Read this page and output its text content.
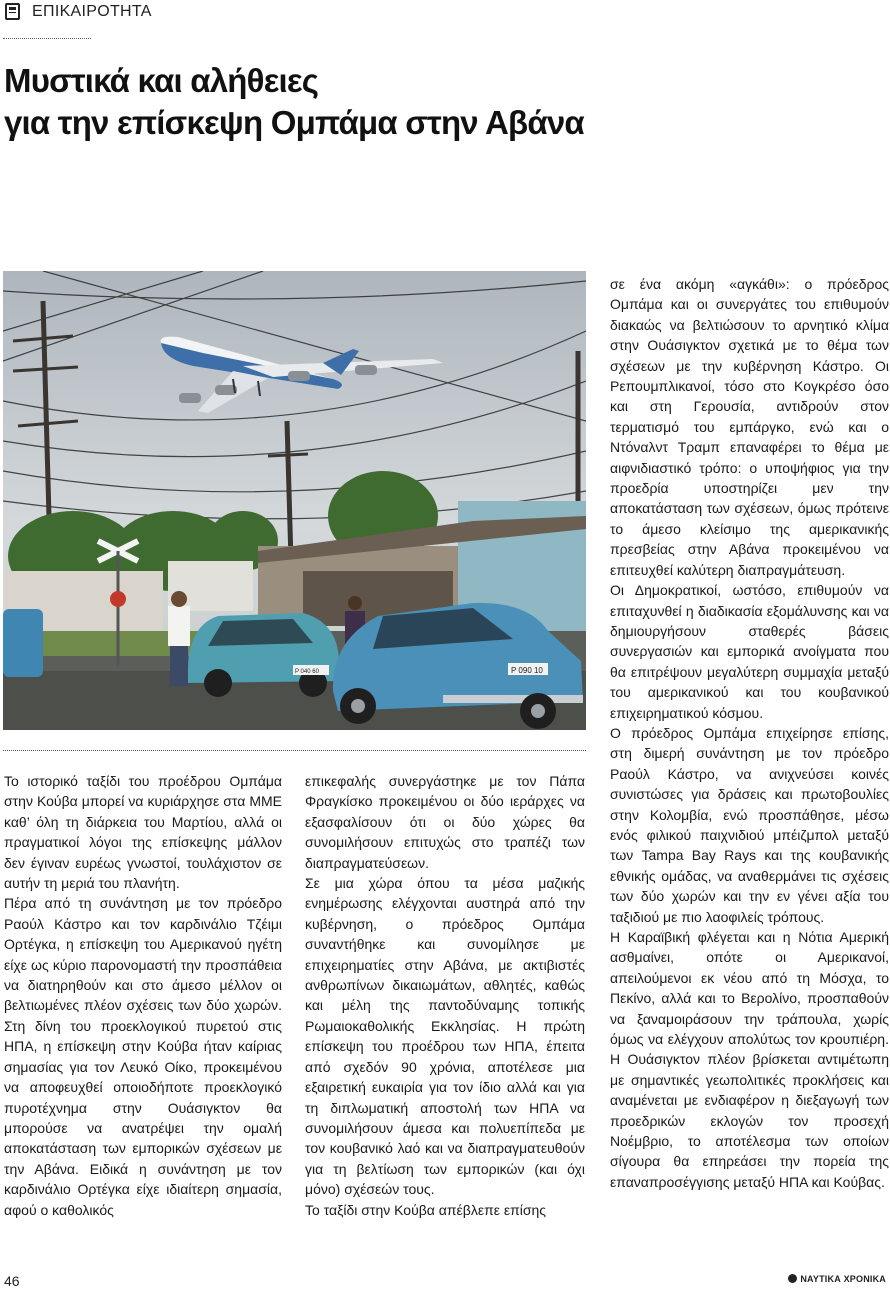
ΕΠΙΚΑΙΡΟΤΗΤΑ
Μυστικά και αλήθειες
για την επίσκεψη Ομπάμα στην Αβάνα
P 090 10
P 040 60

Το ιστορικό ταξίδι του προέδρου Ομπάμα στην Κούβα μπορεί να κυριάρχησε στα ΜΜΕ καθ’ όλη τη διάρκεια του Μαρτίου, αλλά οι πραγματικοί λόγοι της επίσκεψης μάλλον δεν έγιναν ευρέως γνωστοί, τουλάχιστον σε αυτήν τη μεριά του πλανήτη.

Πέρα από τη συνάντηση με τον πρόεδρο Ραούλ Κάστρο και τον καρδινάλιο Τζέιμι Ορτέγκα, η επίσκεψη του Αμερικανού ηγέτη είχε ως κύριο παρονομαστή την προσπάθεια να διατηρηθούν και στο άμεσο μέλλον οι βελτιωμένες πλέον σχέσεις των δύο χωρών. Στη δίνη του προεκλογικού πυρετού στις ΗΠΑ, η επίσκεψη στην Κούβα ήταν καίριας σημασίας για τον Λευκό Οίκο, προκειμένου να αποφευχθεί οποιοδήποτε προεκλογικό πυροτέχνημα στην Ουάσιγκτον θα μπορούσε να ανατρέψει την ομαλή αποκατάσταση των εμπορικών σχέσεων με την Αβάνα. Ειδικά η συνάντηση με τον καρδινάλιο Ορτέγκα είχε ιδιαίτερη σημασία, αφού ο καθολικός

επικεφαλής συνεργάστηκε με τον Πάπα Φραγκίσκο προκειμένου οι δύο ιεράρχες να εξασφαλίσουν ότι οι δύο χώρες θα συνομιλήσουν επιτυχώς στο τραπέζι των διαπραγματεύσεων.

Σε μια χώρα όπου τα μέσα μαζικής ενημέρωσης ελέγχονται αυστηρά από την κυβέρνηση, ο πρόεδρος Ομπάμα συναντήθηκε και συνομίλησε με επιχειρηματίες στην Αβάνα, με ακτιβιστές ανθρωπίνων δικαιωμάτων, αθλητές, καθώς και μέλη της παντοδύναμης τοπικής Ρωμαιοκαθολικής Εκκλησίας. Η πρώτη επίσκεψη του προέδρου των ΗΠΑ, έπειτα από σχεδόν 90 χρόνια, αποτέλεσε μια εξαιρετική ευκαιρία για τον ίδιο αλλά και για τη διπλωματική αποστολή των ΗΠΑ να συνομιλήσουν άμεσα και πολυεπίπεδα με τον κουβανικό λαό και να διαπραγματευθούν για τη βελτίωση των εμπορικών (και όχι μόνο) σχέσεών τους.

Το ταξίδι στην Κούβα απέβλεπε επίσης

σε ένα ακόμη «αγκάθι»: ο πρόεδρος Ομπάμα και οι συνεργάτες του επιθυμούν διακαώς να βελτιώσουν το αρνητικό κλίμα στην Ουάσιγκτον σχετικά με το θέμα των σχέσεων με την κυβέρνηση Κάστρο. Οι Ρεπουμπλικανοί, τόσο στο Κογκρέσο όσο και στη Γερουσία, αντιδρούν στον τερματισμό του εμπάργκο, ενώ και ο Ντόναλντ Τραμπ επαναφέρει το θέμα με αιφνιδιαστικό τρόπο: ο υποψήφιος για την προεδρία υποστηρίζει μεν την αποκατάσταση των σχέσεων, όμως πρότεινε το άμεσο κλείσιμο της αμερικανικής πρεσβείας στην Αβάνα προκειμένου να επιτευχθεί καλύτερη διαπραγμάτευση.

Οι Δημοκρατικοί, ωστόσο, επιθυμούν να επιταχυνθεί η διαδικασία εξομάλυνσης και να δημιουργήσουν σταθερές βάσεις συνεργασιών και εμπορικά ανοίγματα που θα επιτρέψουν μεγαλύτερη συμμαχία μεταξύ του αμερικανικού και του κουβανικού επιχειρηματικού κόσμου.

Ο πρόεδρος Ομπάμα επιχείρησε επίσης, στη διμερή συνάντηση με τον πρόεδρο Ραούλ Κάστρο, να ανιχνεύσει κοινές συνιστώσες για δράσεις και πρωτοβουλίες στην Κολομβία, ενώ προσπάθησε, μέσω ενός φιλικού παιχνιδιού μπέιζμπολ μεταξύ των Tampa Bay Rays και της κουβανικής εθνικής ομάδας, να αναθερμάνει τις σχέσεις των δύο χωρών και την εν γένει αξία του ταξιδιού με πιο λαοφιλείς τρόπους.

Η Καραϊβική φλέγεται και η Νότια Αμερική ασθμαίνει, οπότε οι Αμερικανοί, απειλούμενοι εκ νέου από τη Μόσχα, το Πεκίνο, αλλά και το Βερολίνο, προσπαθούν να ξαναμοιράσουν την τράπουλα, χωρίς όμως να ελέγχουν απολύτως τον κρουπιέρη. Η Ουάσιγκτον πλέον βρίσκεται αντιμέτωπη με σημαντικές γεωπολιτικές προκλήσεις και αναμένεται με ενδιαφέρον η διεξαγωγή των προεδρικών εκλογών τον προσεχή Νοέμβριο, το αποτέλεσμα των οποίων σίγουρα θα επηρεάσει την πορεία της επαναπροσέγγισης μεταξύ ΗΠΑ και Κούβας.

46	ΝΑΥΤΙΚΑ ΧΡΟΝΙΚΑ
